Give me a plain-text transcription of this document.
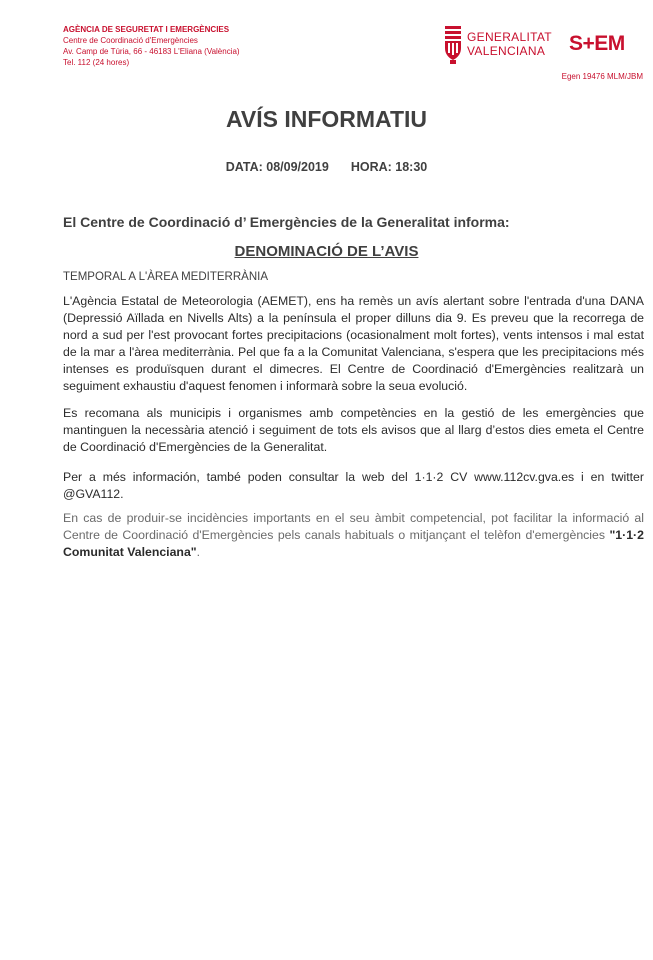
AGÈNCIA DE SEGURETAT I EMERGÈNCIES
Centre de Coordinació d'Emergències
Av. Camp de Túria, 66 - 46183 L'Eliana (València)
Tel. 112 (24 hores)
GENERALITAT
VALENCIANA	S+EM
Egen 19476 MLM/JBM
AVÍS INFORMATIU
DATA: 08/09/2019 HORA: 18:30
El Centre de Coordinació d’ Emergències de la Generalitat informa:
DENOMINACIÓ DE L’AVIS
TEMPORAL A L'ÀREA MEDITERRÀNIA
L'Agència Estatal de Meteorologia (AEMET), ens ha remès un avís alertant sobre l'entrada d'una DANA (Depressió Aïllada en Nivells Alts) a la península el proper dilluns dia 9. Es preveu que la recorrega de nord a sud per l'est provocant fortes precipitacions (ocasionalment molt fortes), vents intensos i mal estat de la mar a l'àrea mediterrània. Pel que fa a la Comunitat Valenciana, s'espera que les precipitacions més intenses es produïsquen durant el dimecres. El Centre de Coordinació d'Emergències realitzarà un seguiment exhaustiu d'aquest fenomen i informarà sobre la seua evolució.
Es recomana als municipis i organismes amb competències en la gestió de les emergències que mantinguen la necessària atenció i seguiment de tots els avisos que al llarg d’estos dies emeta el Centre de Coordinació d'Emergències de la Generalitat.
Per a més información, també poden consultar la web del 1·1·2 CV www.112cv.gva.es i en twitter @GVA112.
En cas de produir-se incidències importants en el seu àmbit competencial, pot facilitar la informació al Centre de Coordinació d'Emergències pels canals habituals o mitjançant el telèfon d'emergències "1·1·2 Comunitat Valenciana".
